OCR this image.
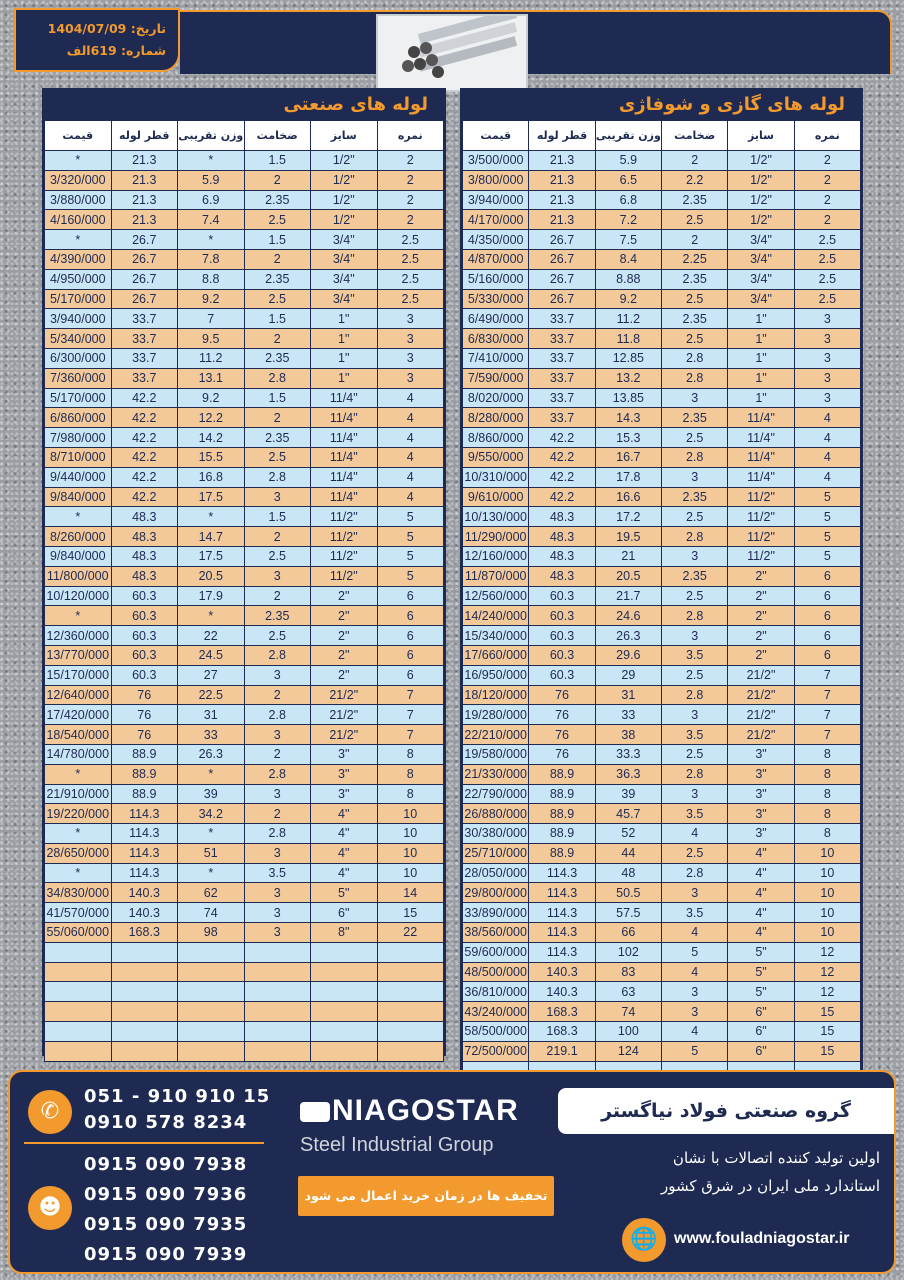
تاریخ: 1404/07/09
شماره: 619الف
لوله های صنعتی
نمره	سایز	ضخامت	وزن تقریبی	قطر لوله	قیمت
2	1/2"	1.5	*	21.3	*
2	1/2"	2	5.9	21.3	3/320/000
2	1/2"	2.35	6.9	21.3	3/880/000
2	1/2"	2.5	7.4	21.3	4/160/000
2.5	3/4"	1.5	*	26.7	*
2.5	3/4"	2	7.8	26.7	4/390/000
2.5	3/4"	2.35	8.8	26.7	4/950/000
2.5	3/4"	2.5	9.2	26.7	5/170/000
3	1"	1.5	7	33.7	3/940/000
3	1"	2	9.5	33.7	5/340/000
3	1"	2.35	11.2	33.7	6/300/000
3	1"	2.8	13.1	33.7	7/360/000
4	11/4"	1.5	9.2	42.2	5/170/000
4	11/4"	2	12.2	42.2	6/860/000
4	11/4"	2.35	14.2	42.2	7/980/000
4	11/4"	2.5	15.5	42.2	8/710/000
4	11/4"	2.8	16.8	42.2	9/440/000
4	11/4"	3	17.5	42.2	9/840/000
5	11/2"	1.5	*	48.3	*
5	11/2"	2	14.7	48.3	8/260/000
5	11/2"	2.5	17.5	48.3	9/840/000
5	11/2"	3	20.5	48.3	11/800/000
6	2"	2	17.9	60.3	10/120/000
6	2"	2.35	*	60.3	*
6	2"	2.5	22	60.3	12/360/000
6	2"	2.8	24.5	60.3	13/770/000
6	2"	3	27	60.3	15/170/000
7	21/2"	2	22.5	76	12/640/000
7	21/2"	2.8	31	76	17/420/000
7	21/2"	3	33	76	18/540/000
8	3"	2	26.3	88.9	14/780/000
8	3"	2.8	*	88.9	*
8	3"	3	39	88.9	21/910/000
10	4"	2	34.2	114.3	19/220/000
10	4"	2.8	*	114.3	*
10	4"	3	51	114.3	28/650/000
10	4"	3.5	*	114.3	*
14	5"	3	62	140.3	34/830/000
15	6"	3	74	140.3	41/570/000
22	8"	3	98	168.3	55/060/000

لوله های گازی و شوفاژی
نمره	سایز	ضخامت	وزن تقریبی	قطر لوله	قیمت
2	1/2"	2	5.9	21.3	3/500/000
2	1/2"	2.2	6.5	21.3	3/800/000
2	1/2"	2.35	6.8	21.3	3/940/000
2	1/2"	2.5	7.2	21.3	4/170/000
2.5	3/4"	2	7.5	26.7	4/350/000
2.5	3/4"	2.25	8.4	26.7	4/870/000
2.5	3/4"	2.35	8.88	26.7	5/160/000
2.5	3/4"	2.5	9.2	26.7	5/330/000
3	1"	2.35	11.2	33.7	6/490/000
3	1"	2.5	11.8	33.7	6/830/000
3	1"	2.8	12.85	33.7	7/410/000
3	1"	2.8	13.2	33.7	7/590/000
3	1"	3	13.85	33.7	8/020/000
4	11/4"	2.35	14.3	33.7	8/280/000
4	11/4"	2.5	15.3	42.2	8/860/000
4	11/4"	2.8	16.7	42.2	9/550/000
4	11/4"	3	17.8	42.2	10/310/000
5	11/2"	2.35	16.6	42.2	9/610/000
5	11/2"	2.5	17.2	48.3	10/130/000
5	11/2"	2.8	19.5	48.3	11/290/000
5	11/2"	3	21	48.3	12/160/000
6	2"	2.35	20.5	48.3	11/870/000
6	2"	2.5	21.7	60.3	12/560/000
6	2"	2.8	24.6	60.3	14/240/000
6	2"	3	26.3	60.3	15/340/000
6	2"	3.5	29.6	60.3	17/660/000
7	21/2"	2.5	29	60.3	16/950/000
7	21/2"	2.8	31	76	18/120/000
7	21/2"	3	33	76	19/280/000
7	21/2"	3.5	38	76	22/210/000
8	3"	2.5	33.3	76	19/580/000
8	3"	2.8	36.3	88.9	21/330/000
8	3"	3	39	88.9	22/790/000
8	3"	3.5	45.7	88.9	26/880/000
8	3"	4	52	88.9	30/380/000
10	4"	2.5	44	88.9	25/710/000
10	4"	2.8	48	114.3	28/050/000
10	4"	3	50.5	114.3	29/800/000
10	4"	3.5	57.5	114.3	33/890/000
10	4"	4	66	114.3	38/560/000
12	5"	5	102	114.3	59/600/000
12	5"	4	83	140.3	48/500/000
12	5"	3	63	140.3	36/810/000
15	6"	3	74	168.3	43/240/000
15	6"	4	100	168.3	58/500/000
15	6"	5	124	219.1	72/500/000

✆
051 - 910 910 15
0910 578 8234
☻
0915 090 7938
0915 090 7936
0915 090 7935
0915 090 7939
NIAGOSTAR
Steel Industrial Group
تخفیف ها در زمان خرید اعمال می شود
گروه صنعتی فولاد نیاگستر
اولین تولید کننده اتصالات با نشان
استاندارد ملی ایران در شرق کشور
🌐	www.fouladniagostar.ir
